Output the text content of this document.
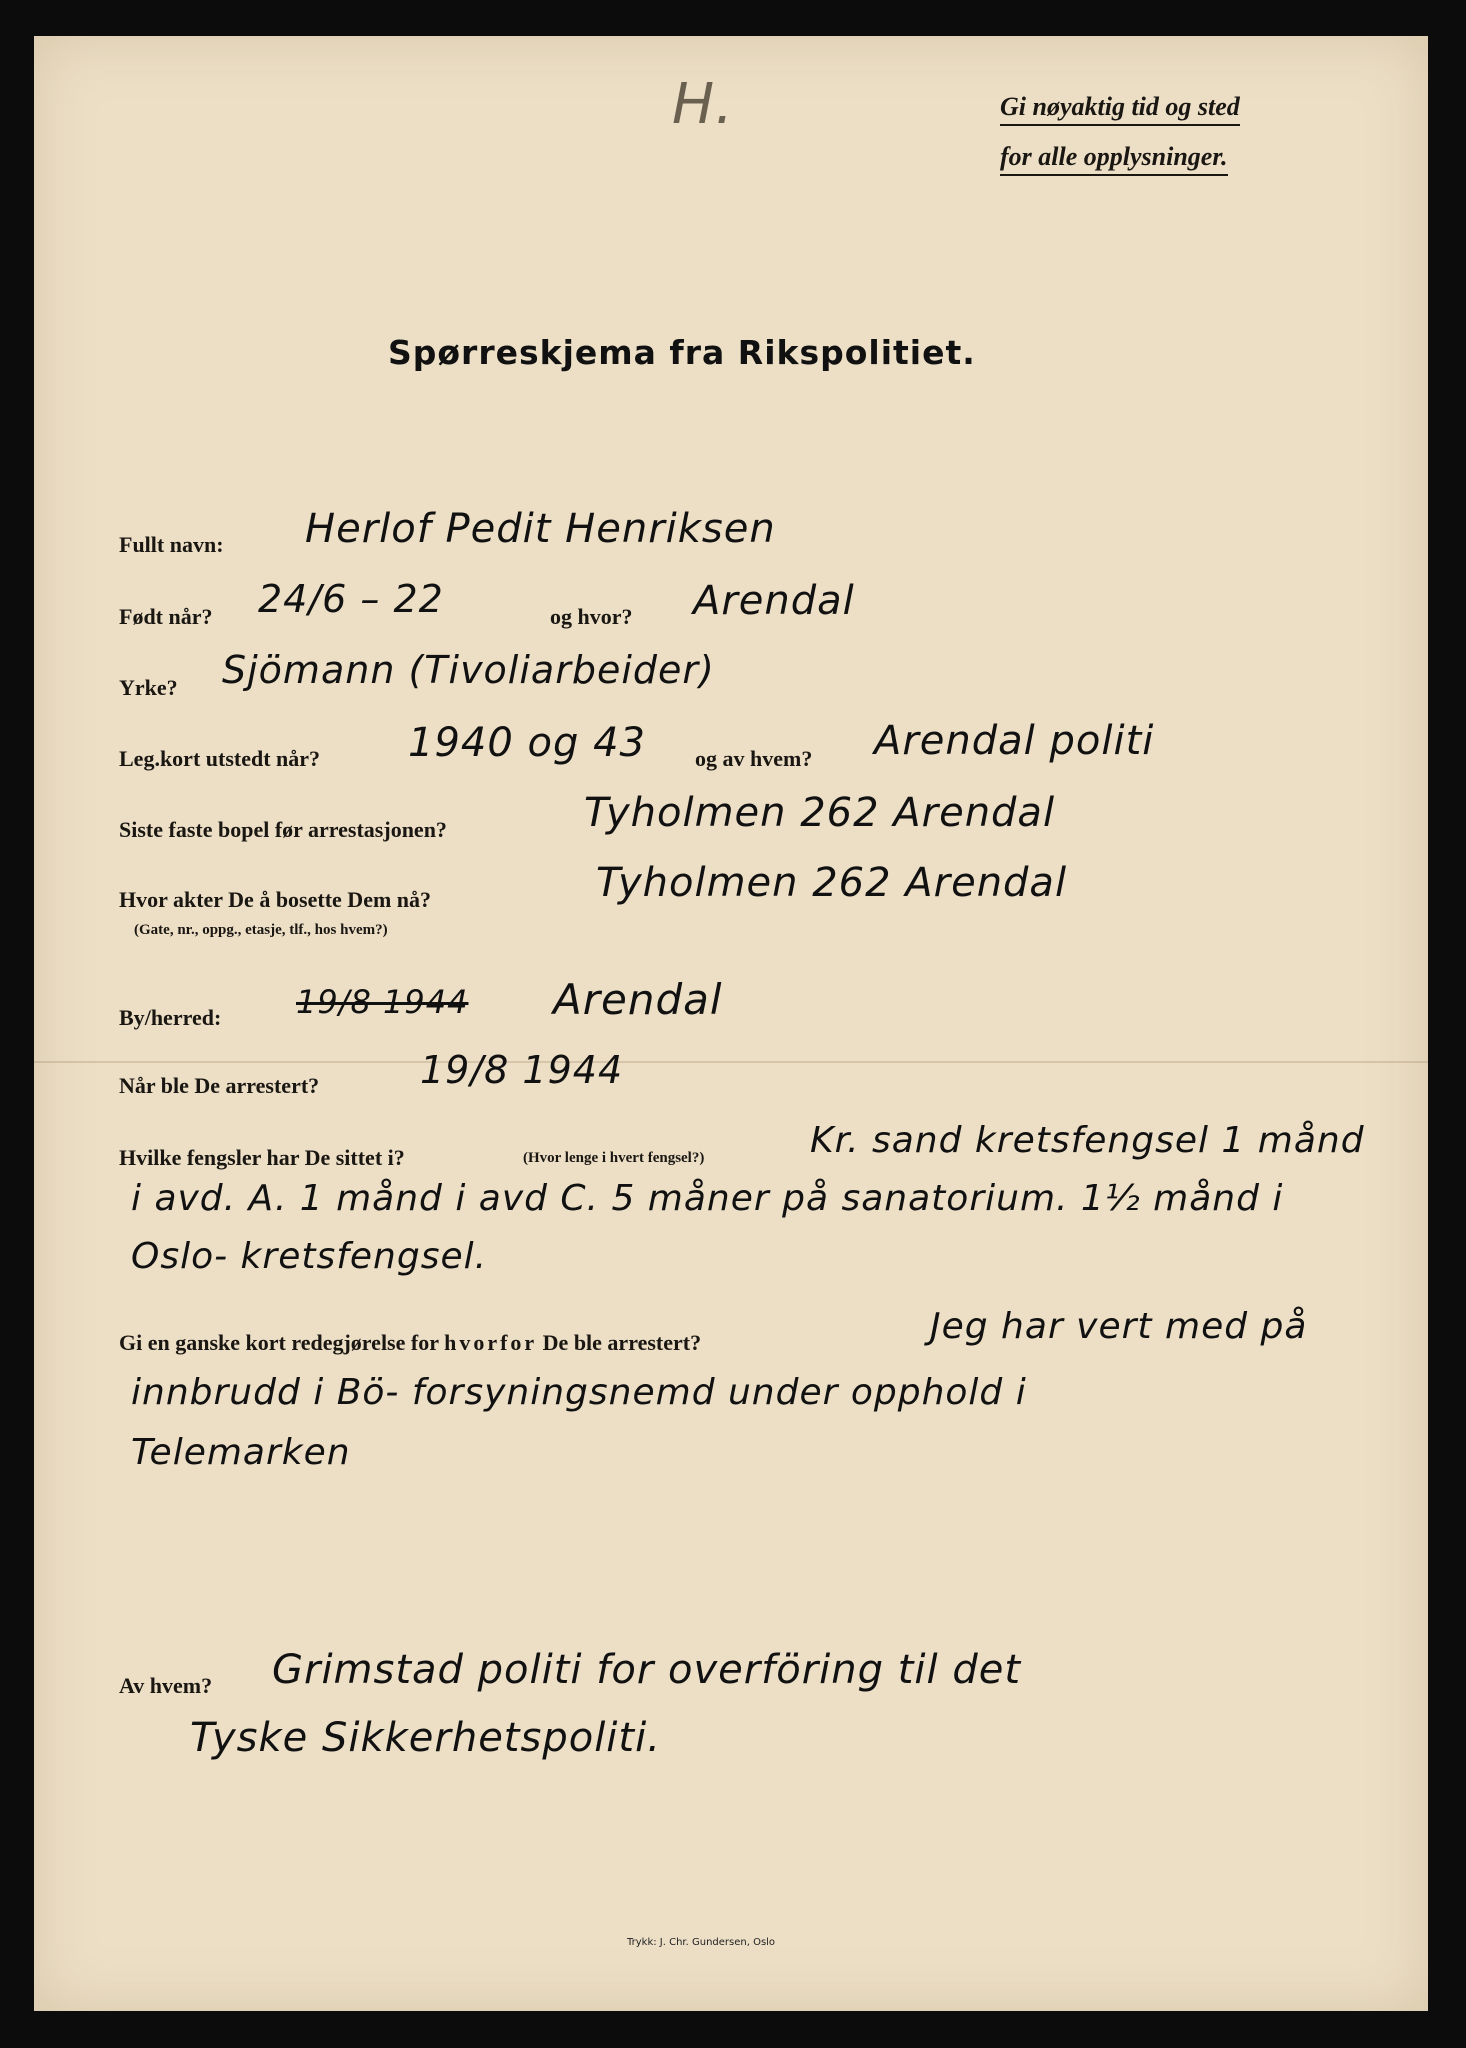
H.	Gi nøyaktig tid og sted
for alle opplysninger.
Spørreskjema fra Rikspolitiet.
Fullt navn: Herlof Pedit Henriksen
Født når? 24/6 – 22	og hvor? Arendal
Yrke? Sjömann (Tivoliarbeider)
Leg.kort utstedt når? 1940 og 43 og av hvem? Arendal politi
Siste faste bopel før arrestasjonen?	Tyholmen 262 Arendal
Hvor akter De å bosette Dem nå?
(Gate, nr., oppg., etasje, tlf., hos hvem?)
Tyholmen 262 Arendal
By/herred: 19/8 1944 Arendal
Når ble De arrestert?	19/8 1944
Hvilke fengsler har De sittet i?	(Hvor lenge i hvert fengsel?)	Kr. sand kretsfengsel 1 månd
i avd. A. 1 månd i avd C. 5 måner på sanatorium. 1½ månd i
Oslo- kretsfengsel.
Gi en ganske kort redegjørelse for hvorfor De ble arrestert?	Jeg har vert med på
innbrudd i Bö- forsyningsnemd under opphold i
Telemarken
Av hvem? Grimstad politi for overföring til det
Tyske Sikkerhetspoliti.
Trykk: J. Chr. Gundersen, Oslo
